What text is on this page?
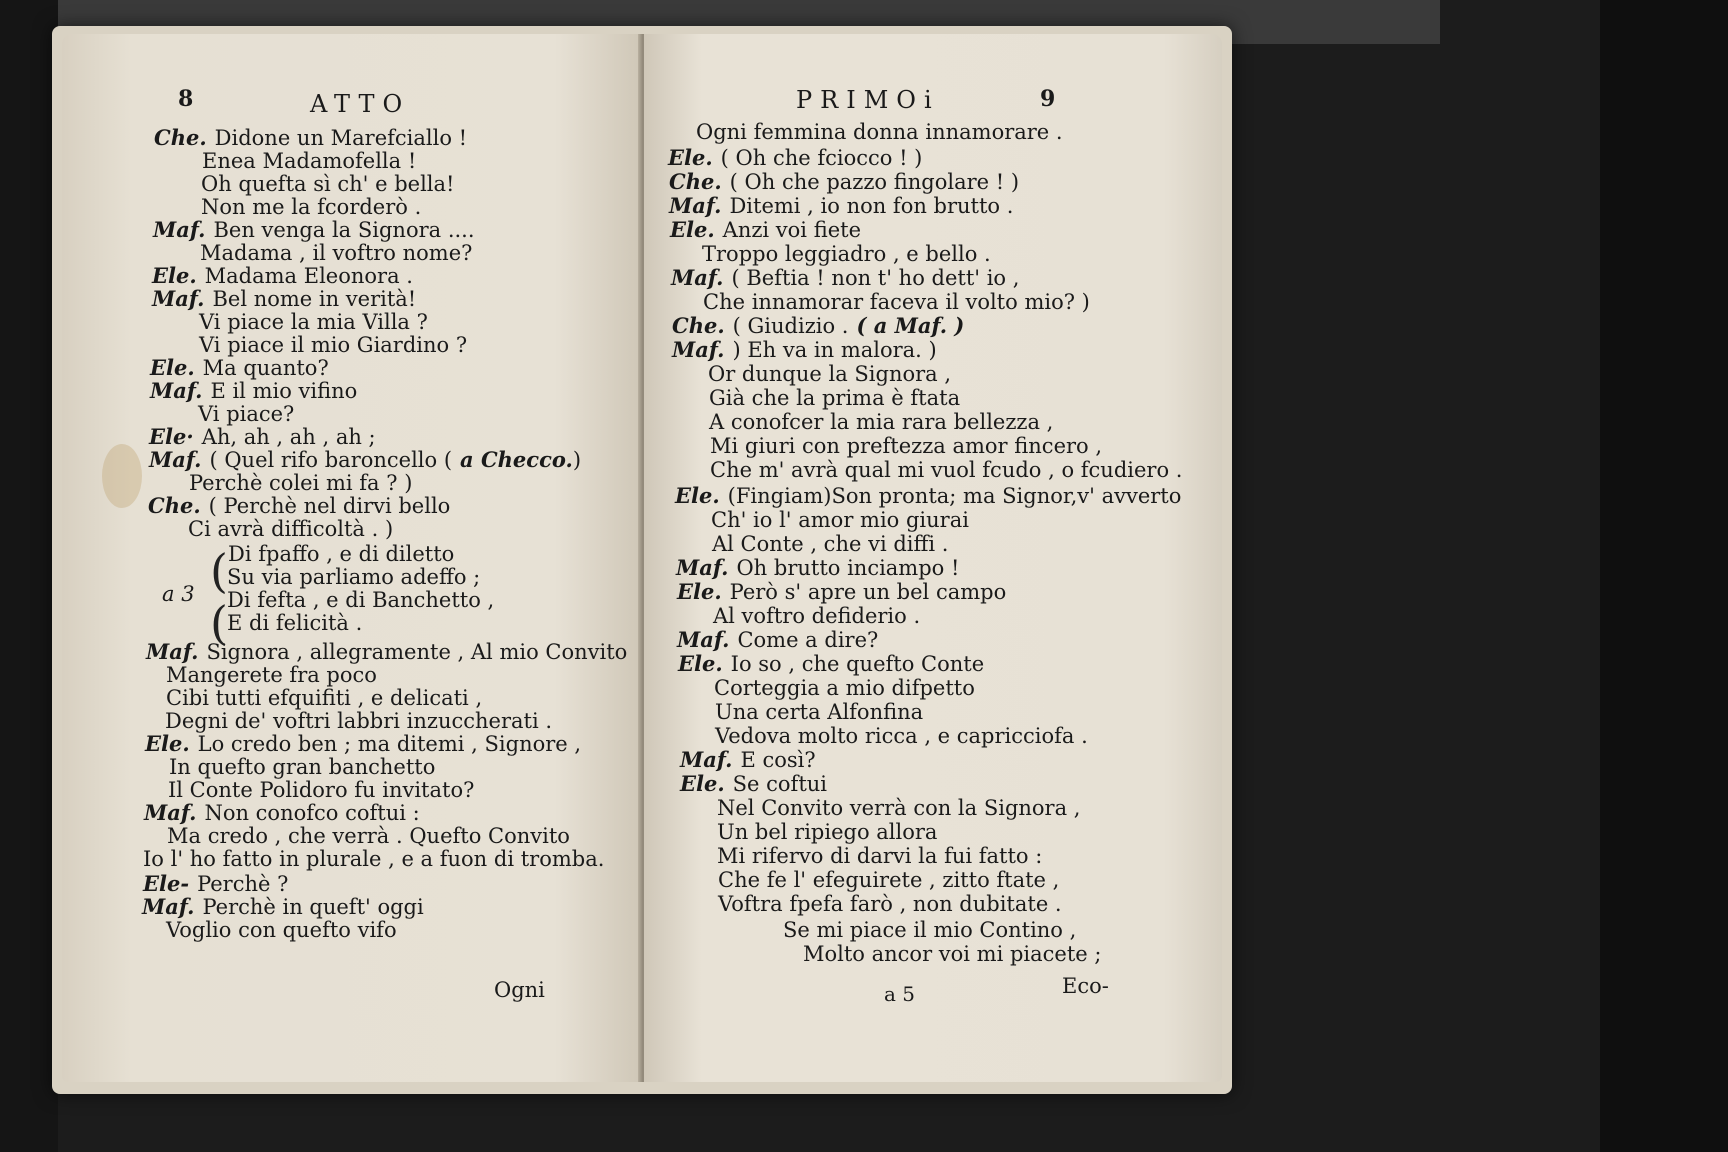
8	ATTO
Che. Didone un Marefciallo !
Enea Madamofella !
Oh quefta sì ch' e bella!
Non me la fcorderò .
Maf. Ben venga la Signora ....
Madama , il voftro nome?
Ele. Madama Eleonora .
Maf. Bel nome in verità!
Vi piace la mia Villa ?
Vi piace il mio Giardino ?
Ele. Ma quanto?
Maf. E il mio vifino
Vi piace?
Ele· Ah, ah , ah , ah ;
Maf. ( Quel rifo baroncello ( a Checco.)
Perchè colei mi fa ? )
Che. ( Perchè nel dirvi bello
Ci avrà difficoltà . )
Di fpaffo , e di diletto
Su via parliamo adeffo ;
Di fefta , e di Banchetto ,
E di felicità .
Maf. Signora , allegramente , Al mio Convito
Mangerete fra poco
Cibi tutti efquifiti , e delicati ,
Degni de' voftri labbri inzuccherati .
Ele. Lo credo ben ; ma ditemi , Signore ,
In quefto gran banchetto
Il Conte Polidoro fu invitato?
Maf. Non conofco coftui :
Ma credo , che verrà . Quefto Convito
Io l' ho fatto in plurale , e a fuon di tromba.
Ele- Perchè ?
Maf. Perchè in queft' oggi
Voglio con quefto vifo
a 3 (
(
Ogni
PRIMOi	9
Ogni femmina donna innamorare .
Ele. ( Oh che fciocco ! )
Che. ( Oh che pazzo fingolare ! )
Maf. Ditemi , io non fon brutto .
Ele. Anzi voi fiete
Troppo leggiadro , e bello .
Maf. ( Beftia ! non t' ho dett' io ,
Che innamorar faceva il volto mio? )
Che. ( Giudizio . ( a Maf. )
Maf. ) Eh va in malora. )
Or dunque la Signora ,
Già che la prima è ftata
A conofcer la mia rara bellezza ,
Mi giuri con preftezza amor fincero ,
Che m' avrà qual mi vuol fcudo , o fcudiero .
Ele. (Fingiam)Son pronta; ma Signor,v' avverto
Ch' io l' amor mio giurai
Al Conte , che vi diffi .
Maf. Oh brutto inciampo !
Ele. Però s' apre un bel campo
Al voftro defiderio .
Maf. Come a dire?
Ele. Io so , che quefto Conte
Corteggia a mio difpetto
Una certa Alfonfina
Vedova molto ricca , e capricciofa .
Maf. E così?
Ele. Se coftui
Nel Convito verrà con la Signora ,
Un bel ripiego allora
Mi rifervo di darvi la fui fatto :
Che fe l' efeguirete , zitto ftate ,
Voftra fpefa farò , non dubitate .
Se mi piace il mio Contino ,
Molto ancor voi mi piacete ;
a 5	Eco-
